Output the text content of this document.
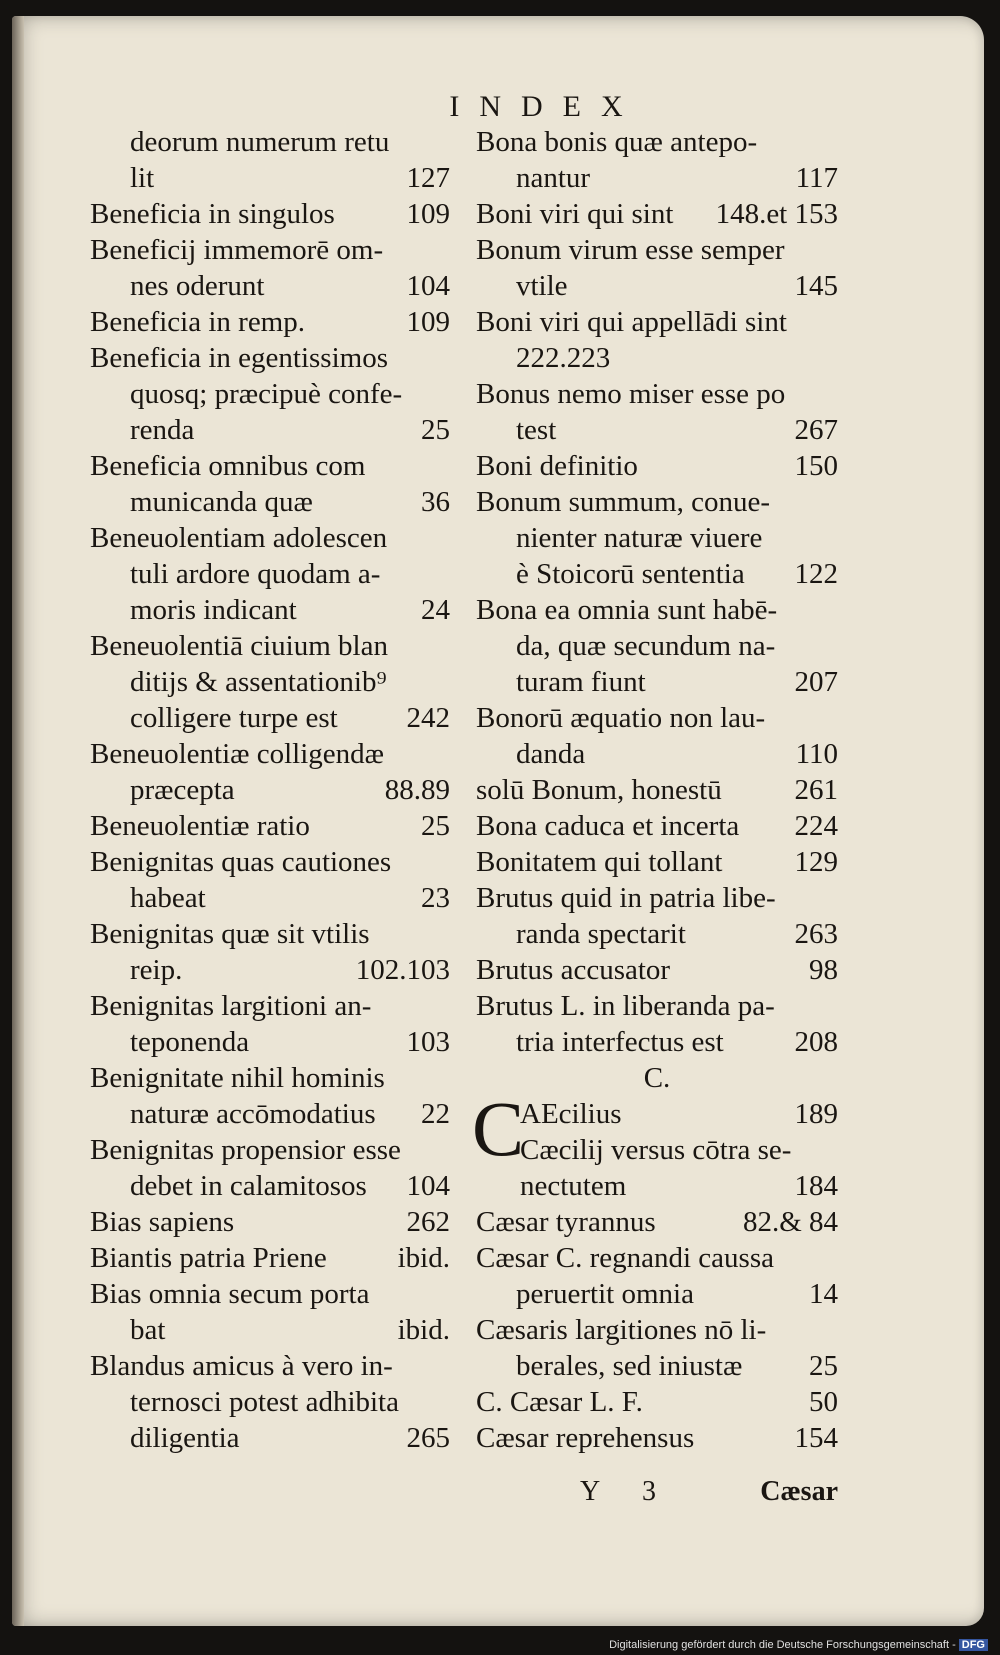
INDEX
deorum numerum retu
127
lit
109
Beneficia in singulos
Beneficij immemorē om-
104
nes oderunt
109
Beneficia in remp.
Beneficia in egentissimos
quosq; præcipuè confe-
25
renda
Beneficia omnibus com
36
municanda quæ
Beneuolentiam adolescen
tuli ardore quodam a-
24
moris indicant
Beneuolentiā ciuium blan
ditijs & assentationib⁹
242
colligere turpe est
Beneuolentiæ colligendæ
88.89
præcepta
25
Beneuolentiæ ratio
Benignitas quas cautiones
23
habeat
Benignitas quæ sit vtilis
102.103
reip.
Benignitas largitioni an-
103
teponenda
Benignitate nihil hominis
22
naturæ accōmodatius
Benignitas propensior esse
104
debet in calamitosos
262
Bias sapiens
ibid.
Biantis patria Priene
Bias omnia secum porta
ibid.
bat
Blandus amicus à vero in-
ternosci potest adhibita
265
diligentia
Bona bonis quæ antepo-
117
nantur
148.et 153
Boni viri qui sint
Bonum virum esse semper
145
vtile
Boni viri qui appellādi sint
222.223
Bonus nemo miser esse po
267
test
150
Boni definitio
Bonum summum, conue-
nienter naturæ viuere
122
è Stoicorū sententia
Bona ea omnia sunt habē-
da, quæ secundum na-
207
turam fiunt
Bonorū æquatio non lau-
110
danda
261
solū Bonum, honestū
224
Bona caduca et incerta
129
Bonitatem qui tollant
Brutus quid in patria libe-
263
randa spectarit
98
Brutus accusator
Brutus L. in liberanda pa-
208
tria interfectus est
C.
C	189
AEcilius
Cæcilij versus cōtra se-
184
nectutem
82.& 84
Cæsar tyrannus
Cæsar C. regnandi caussa
14
peruertit omnia
Cæsaris largitiones nō li-
25
berales, sed iniustæ
50
C. Cæsar L. F.
154
Cæsar reprehensus
Y 3	Cæsar
Digitalisierung gefördert durch die Deutsche Forschungsgemeinschaft - DFG
